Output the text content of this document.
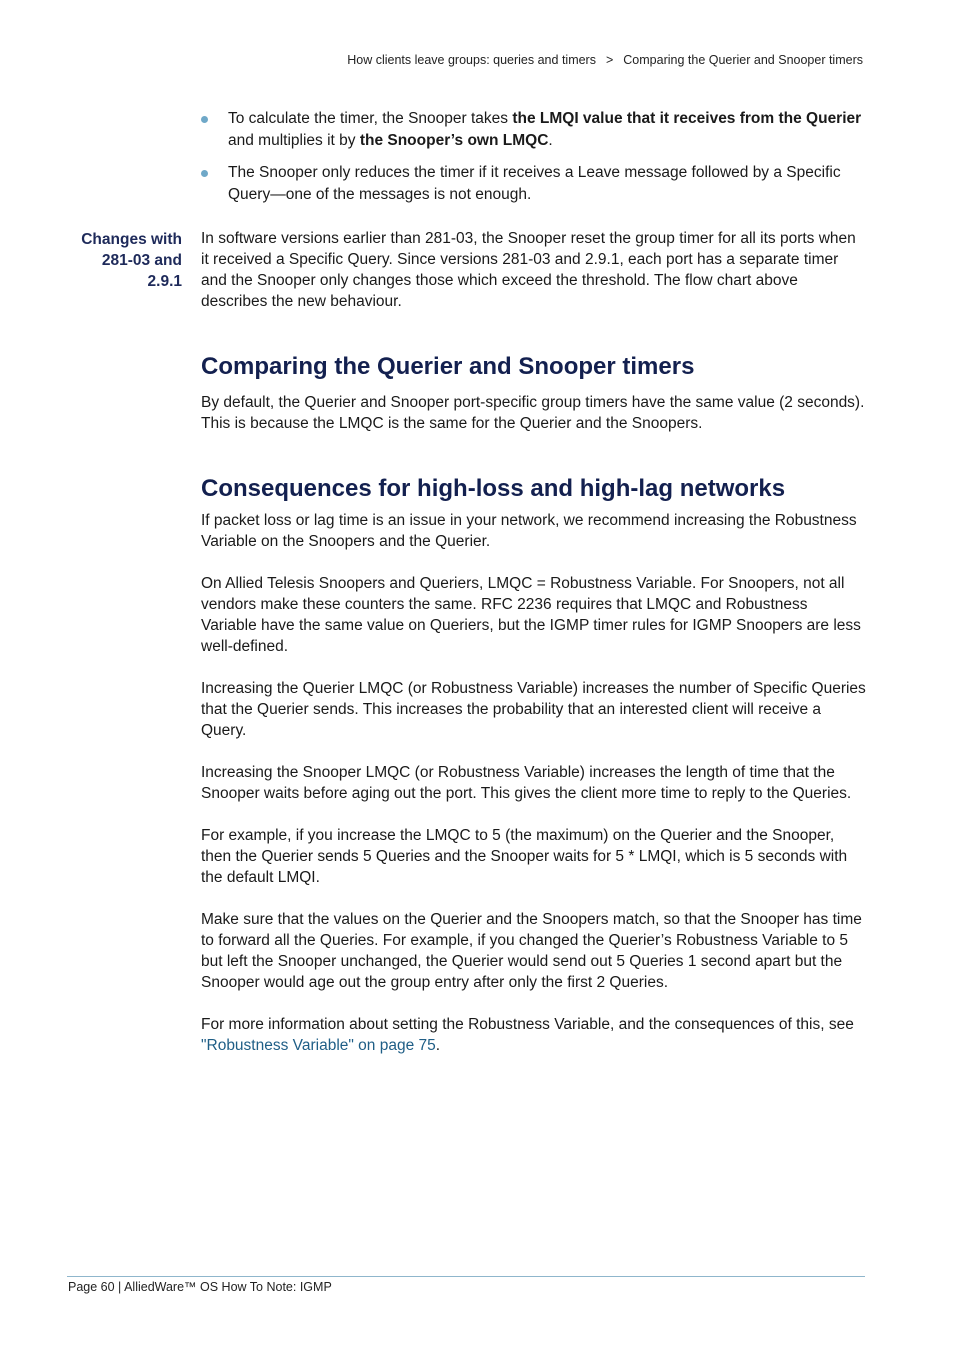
How clients leave groups: queries and timers > Comparing the Querier and Snooper timers
Changes with
281-03 and
2.9.1
To calculate the timer, the Snooper takes the LMQI value that it receives from the Querier and multiplies it by the Snooper’s own LMQC.
The Snooper only reduces the timer if it receives a Leave message followed by a Specific Query—one of the messages is not enough.

In software versions earlier than 281-03, the Snooper reset the group timer for all its ports when it received a Specific Query. Since versions 281-03 and 2.9.1, each port has a separate timer and the Snooper only changes those which exceed the threshold. The flow chart above describes the new behaviour.

Comparing the Querier and Snooper timers

By default, the Querier and Snooper port-specific group timers have the same value (2 seconds). This is because the LMQC is the same for the Querier and the Snoopers.

Consequences for high-loss and high-lag networks

If packet loss or lag time is an issue in your network, we recommend increasing the Robustness Variable on the Snoopers and the Querier.

On Allied Telesis Snoopers and Queriers, LMQC = Robustness Variable. For Snoopers, not all vendors make these counters the same. RFC 2236 requires that LMQC and Robustness Variable have the same value on Queriers, but the IGMP timer rules for IGMP Snoopers are less well-defined.

Increasing the Querier LMQC (or Robustness Variable) increases the number of Specific Queries that the Querier sends. This increases the probability that an interested client will receive a Query.

Increasing the Snooper LMQC (or Robustness Variable) increases the length of time that the Snooper waits before aging out the port. This gives the client more time to reply to the Queries.

For example, if you increase the LMQC to 5 (the maximum) on the Querier and the Snooper, then the Querier sends 5 Queries and the Snooper waits for 5 * LMQI, which is 5 seconds with the default LMQI.

Make sure that the values on the Querier and the Snoopers match, so that the Snooper has time to forward all the Queries. For example, if you changed the Querier’s Robustness Variable to 5 but left the Snooper unchanged, the Querier would send out 5 Queries 1 second apart but the Snooper would age out the group entry after only the first 2 Queries.

For more information about setting the Robustness Variable, and the consequences of this, see "Robustness Variable" on page 75.

Page 60 | AlliedWare™ OS How To Note: IGMP
